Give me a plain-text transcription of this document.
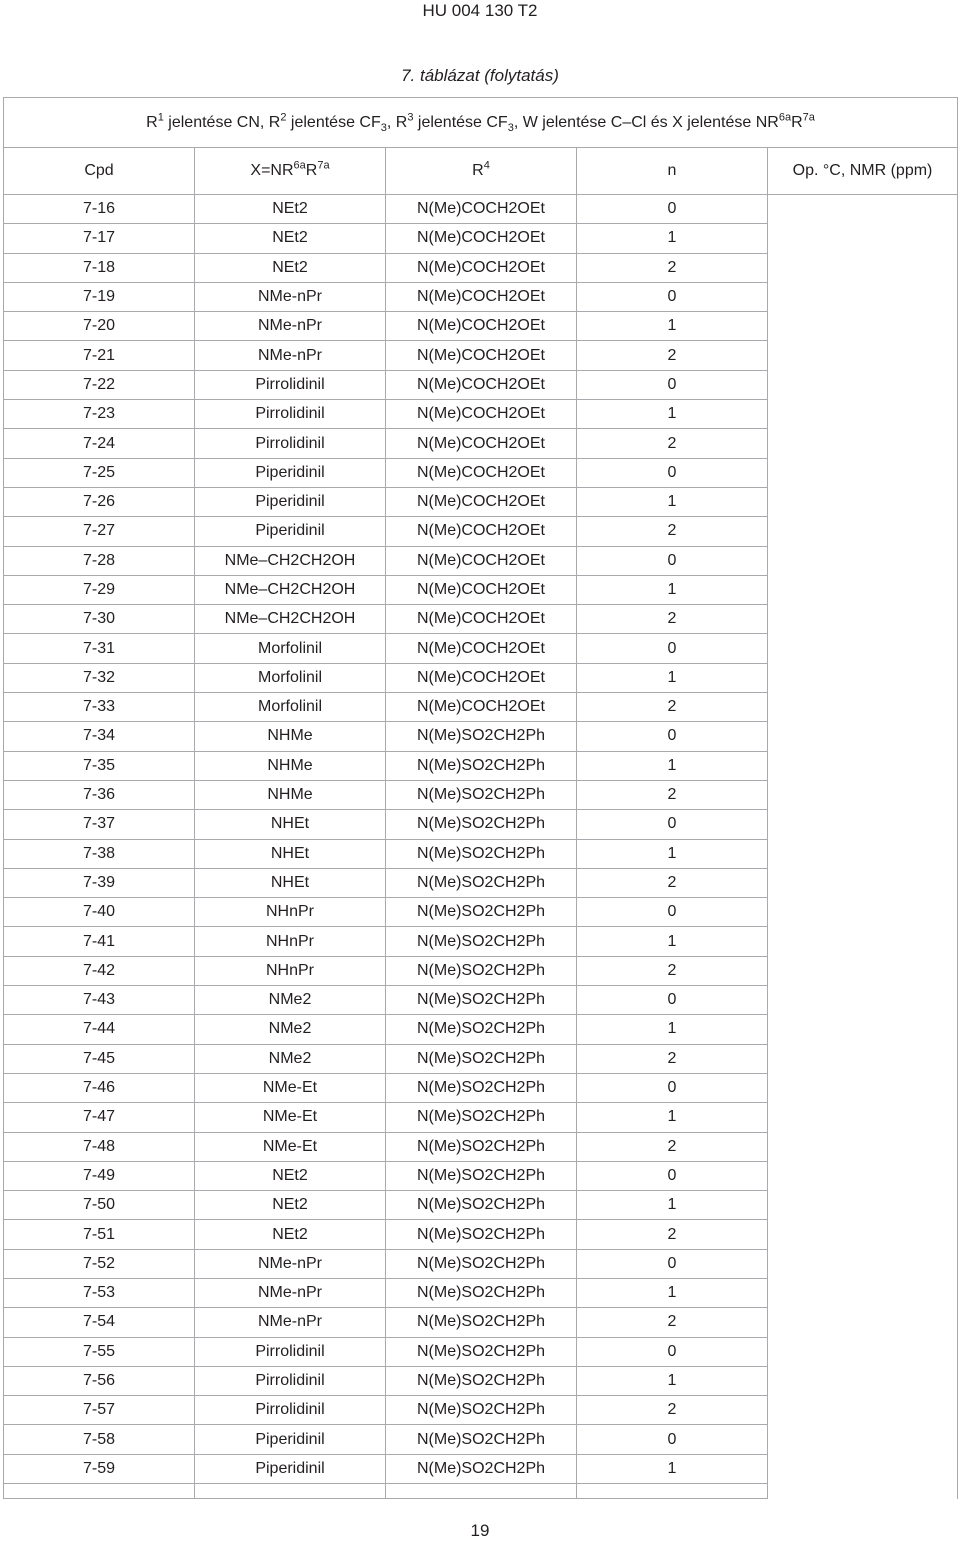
HU 004 130 T2
7. táblázat (folytatás)
$R^1$ jelentése CN, $R^2$ jelentése $CF_3$, $R^3$ jelentése $CF_3$, W jelentése C–Cl és X jelentése $NR^{6a}R^{7a}$
Cpd	$X=NR^{6a}R^{7a}$	$R^4$	n	Op. °C, NMR (ppm)
7-16	NEt2	N(Me)COCH2OEt	0	
7-17	NEt2	N(Me)COCH2OEt	1	
7-18	NEt2	N(Me)COCH2OEt	2	
7-19	NMe-nPr	N(Me)COCH2OEt	0	
7-20	NMe-nPr	N(Me)COCH2OEt	1	
7-21	NMe-nPr	N(Me)COCH2OEt	2	
7-22	Pirrolidinil	N(Me)COCH2OEt	0	
7-23	Pirrolidinil	N(Me)COCH2OEt	1	
7-24	Pirrolidinil	N(Me)COCH2OEt	2	
7-25	Piperidinil	N(Me)COCH2OEt	0	
7-26	Piperidinil	N(Me)COCH2OEt	1	
7-27	Piperidinil	N(Me)COCH2OEt	2	
7-28	NMe–CH2CH2OH	N(Me)COCH2OEt	0	
7-29	NMe–CH2CH2OH	N(Me)COCH2OEt	1	
7-30	NMe–CH2CH2OH	N(Me)COCH2OEt	2	
7-31	Morfolinil	N(Me)COCH2OEt	0	
7-32	Morfolinil	N(Me)COCH2OEt	1	
7-33	Morfolinil	N(Me)COCH2OEt	2	
7-34	NHMe	N(Me)SO2CH2Ph	0	
7-35	NHMe	N(Me)SO2CH2Ph	1	
7-36	NHMe	N(Me)SO2CH2Ph	2	
7-37	NHEt	N(Me)SO2CH2Ph	0	
7-38	NHEt	N(Me)SO2CH2Ph	1	
7-39	NHEt	N(Me)SO2CH2Ph	2	
7-40	NHnPr	N(Me)SO2CH2Ph	0	
7-41	NHnPr	N(Me)SO2CH2Ph	1	
7-42	NHnPr	N(Me)SO2CH2Ph	2	
7-43	NMe2	N(Me)SO2CH2Ph	0	
7-44	NMe2	N(Me)SO2CH2Ph	1	
7-45	NMe2	N(Me)SO2CH2Ph	2	
7-46	NMe-Et	N(Me)SO2CH2Ph	0	
7-47	NMe-Et	N(Me)SO2CH2Ph	1	
7-48	NMe-Et	N(Me)SO2CH2Ph	2	
7-49	NEt2	N(Me)SO2CH2Ph	0	
7-50	NEt2	N(Me)SO2CH2Ph	1	
7-51	NEt2	N(Me)SO2CH2Ph	2	
7-52	NMe-nPr	N(Me)SO2CH2Ph	0	
7-53	NMe-nPr	N(Me)SO2CH2Ph	1	
7-54	NMe-nPr	N(Me)SO2CH2Ph	2	
7-55	Pirrolidinil	N(Me)SO2CH2Ph	0	
7-56	Pirrolidinil	N(Me)SO2CH2Ph	1	
7-57	Pirrolidinil	N(Me)SO2CH2Ph	2	
7-58	Piperidinil	N(Me)SO2CH2Ph	0	
7-59	Piperidinil	N(Me)SO2CH2Ph	1	

19
